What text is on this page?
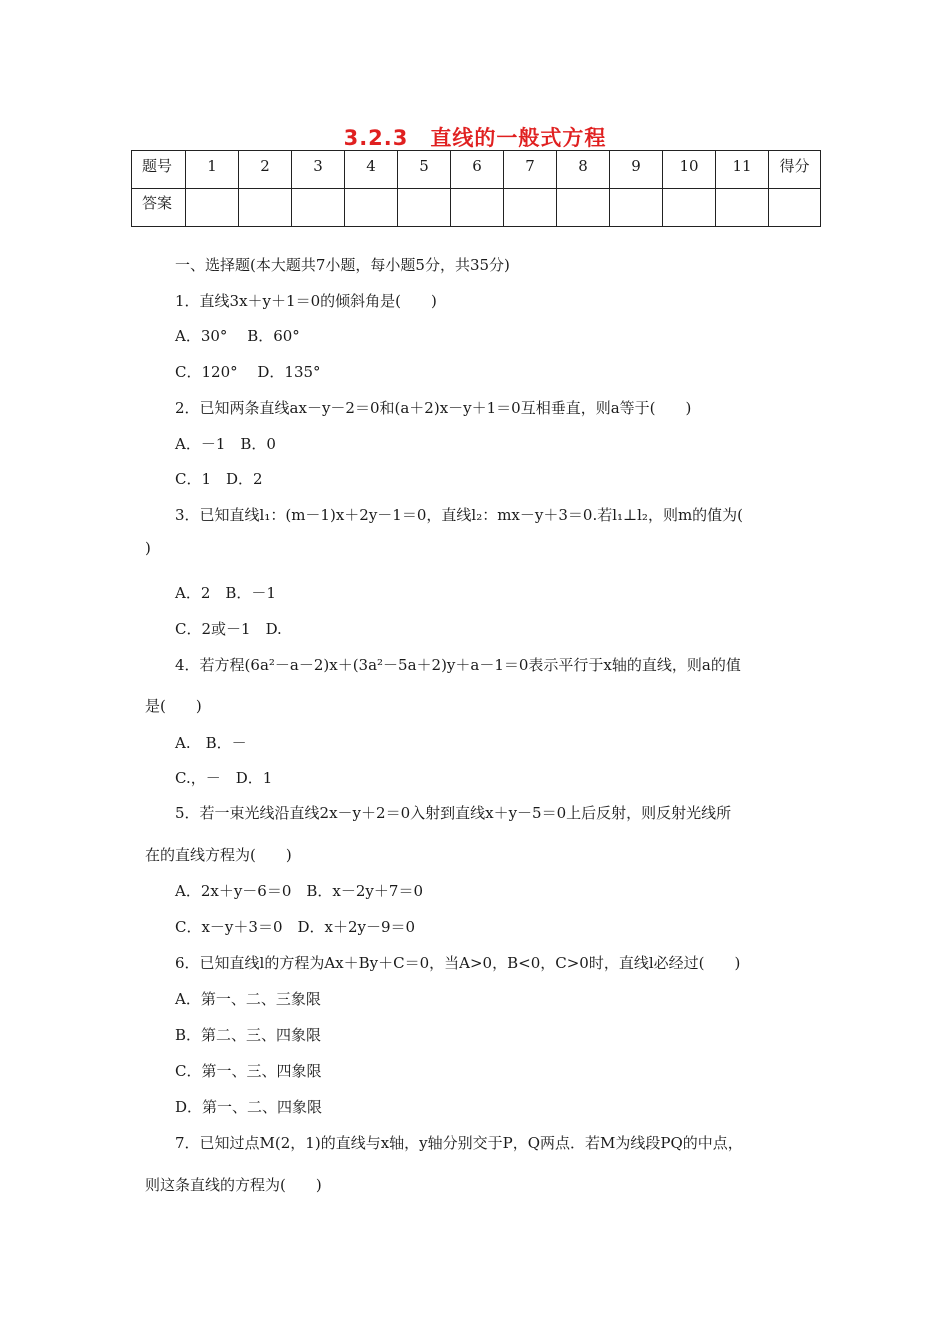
3.2.3　直线的一般式方程
题号	1	2	3	4	5	6	7	8	9	10	11	得分
答案												
一、选择题(本大题共7小题，每小题5分，共35分)
1．直线3x＋y＋1＝0的倾斜角是(　　)
A．30°　 B．60°
C．120°　 D．135°
2．已知两条直线ax－y－2＝0和(a＋2)x－y＋1＝0互相垂直，则a等于(　　)
A．－1　B．0
C．1　D．2
3．已知直线l₁：(m－1)x＋2y－1＝0，直线l₂：mx－y＋3＝0.若l₁⊥l₂，则m的值为(
)
A．2　B．－1
C．2或－1　D.
4．若方程(6a²－a－2)x＋(3a²－5a＋2)y＋a－1＝0表示平行于x轴的直线，则a的值
是(　　)
A.　B．－
C.，－　D．1
5．若一束光线沿直线2x－y＋2＝0入射到直线x＋y－5＝0上后反射，则反射光线所
在的直线方程为(　　)
A．2x＋y－6＝0　B．x－2y＋7＝0
C．x－y＋3＝0　D．x＋2y－9＝0
6．已知直线l的方程为Ax＋By＋C＝0，当A>0，B<0，C>0时，直线l必经过(　　)
A．第一、二、三象限
B．第二、三、四象限
C．第一、三、四象限
D．第一、二、四象限
7．已知过点M(2，1)的直线与x轴，y轴分别交于P，Q两点．若M为线段PQ的中点，
则这条直线的方程为(　　)
